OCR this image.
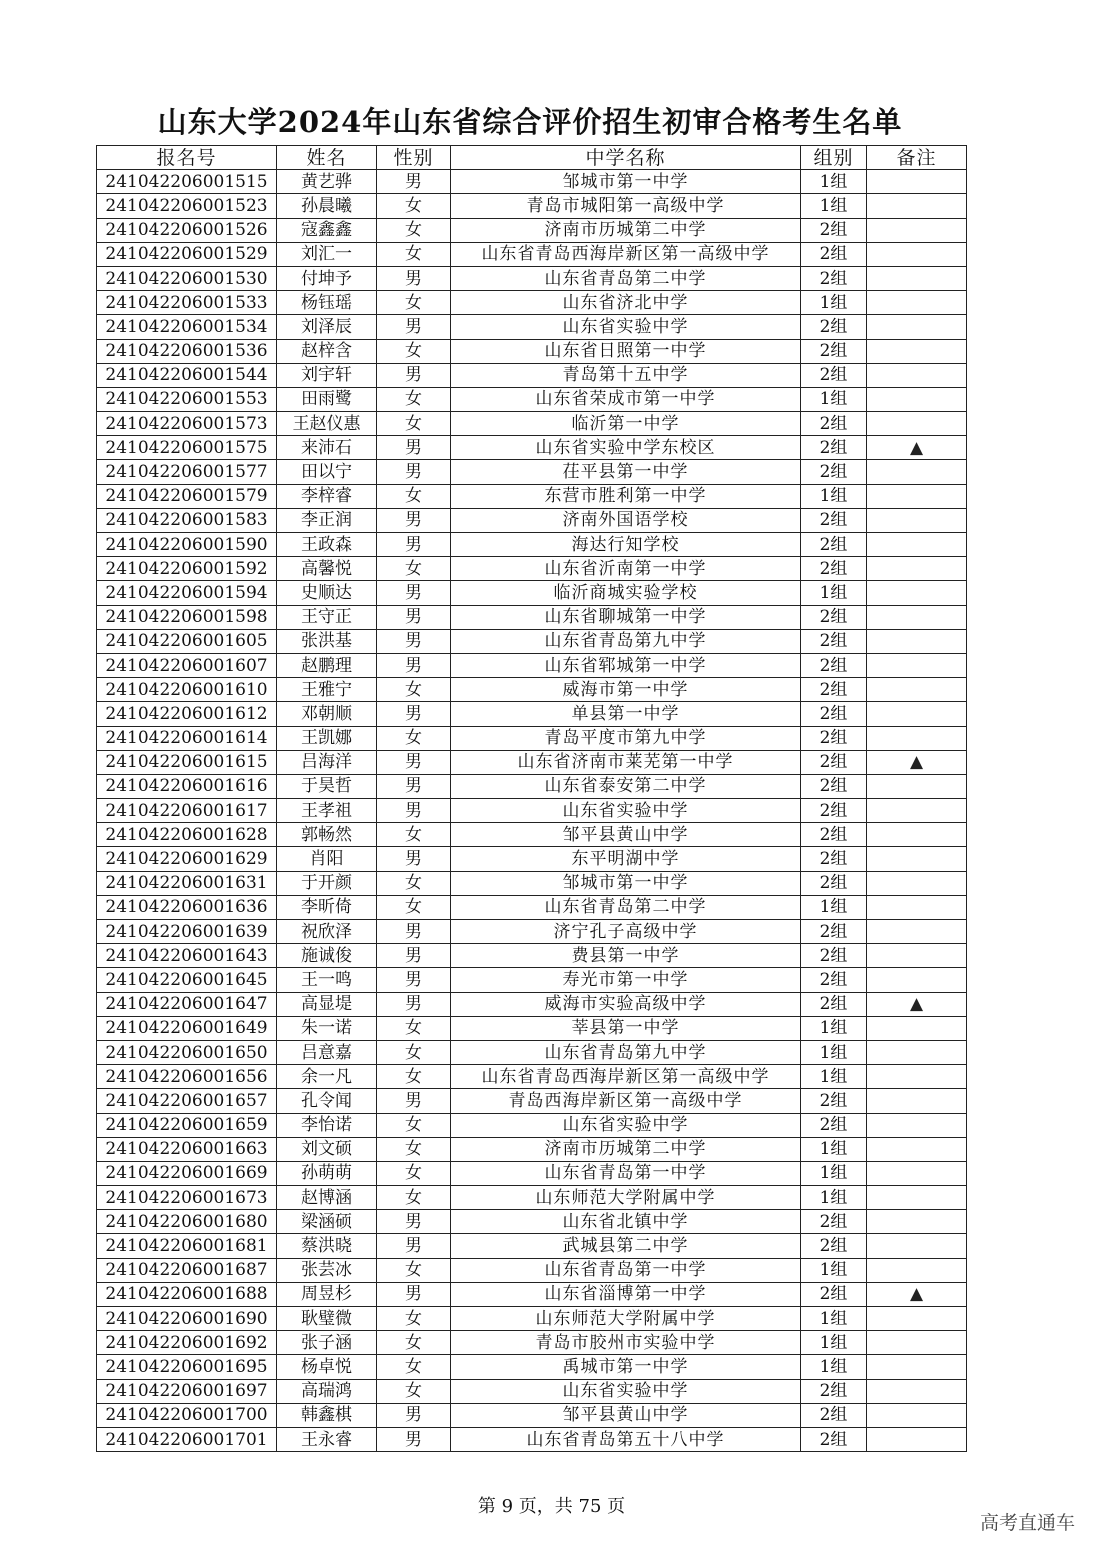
山东大学2024年山东省综合评价招生初审合格考生名单
报名号	姓名	性别	中学名称	组别	备注
241042206001515	黄艺骅	男	邹城市第一中学	1组	
241042206001523	孙晨曦	女	青岛市城阳第一高级中学	1组	
241042206001526	寇鑫鑫	女	济南市历城第二中学	2组	
241042206001529	刘汇一	女	山东省青岛西海岸新区第一高级中学	2组	
241042206001530	付坤予	男	山东省青岛第二中学	2组	
241042206001533	杨钰瑶	女	山东省济北中学	1组	
241042206001534	刘泽辰	男	山东省实验中学	2组	
241042206001536	赵梓含	女	山东省日照第一中学	2组	
241042206001544	刘宇轩	男	青岛第十五中学	2组	
241042206001553	田雨鹭	女	山东省荣成市第一中学	1组	
241042206001573	王赵仪惠	女	临沂第一中学	2组	
241042206001575	来沛石	男	山东省实验中学东校区	2组	▲
241042206001577	田以宁	男	茌平县第一中学	2组	
241042206001579	李梓睿	女	东营市胜利第一中学	1组	
241042206001583	李正润	男	济南外国语学校	2组	
241042206001590	王政森	男	海达行知学校	2组	
241042206001592	高馨悦	女	山东省沂南第一中学	2组	
241042206001594	史顺达	男	临沂商城实验学校	1组	
241042206001598	王守正	男	山东省聊城第一中学	2组	
241042206001605	张洪基	男	山东省青岛第九中学	2组	
241042206001607	赵鹏理	男	山东省郓城第一中学	2组	
241042206001610	王雅宁	女	威海市第一中学	2组	
241042206001612	邓朝顺	男	单县第一中学	2组	
241042206001614	王凯娜	女	青岛平度市第九中学	2组	
241042206001615	吕海洋	男	山东省济南市莱芜第一中学	2组	▲
241042206001616	于昊哲	男	山东省泰安第二中学	2组	
241042206001617	王孝祖	男	山东省实验中学	2组	
241042206001628	郭畅然	女	邹平县黄山中学	2组	
241042206001629	肖阳	男	东平明湖中学	2组	
241042206001631	于开颜	女	邹城市第一中学	2组	
241042206001636	李昕倚	女	山东省青岛第二中学	1组	
241042206001639	祝欣泽	男	济宁孔子高级中学	2组	
241042206001643	施诚俊	男	费县第一中学	2组	
241042206001645	王一鸣	男	寿光市第一中学	2组	
241042206001647	高显堤	男	威海市实验高级中学	2组	▲
241042206001649	朱一诺	女	莘县第一中学	1组	
241042206001650	吕意嘉	女	山东省青岛第九中学	1组	
241042206001656	余一凡	女	山东省青岛西海岸新区第一高级中学	1组	
241042206001657	孔令闻	男	青岛西海岸新区第一高级中学	2组	
241042206001659	李怡诺	女	山东省实验中学	2组	
241042206001663	刘文硕	女	济南市历城第二中学	1组	
241042206001669	孙萌萌	女	山东省青岛第一中学	1组	
241042206001673	赵博涵	女	山东师范大学附属中学	1组	
241042206001680	梁涵硕	男	山东省北镇中学	2组	
241042206001681	蔡洪晓	男	武城县第二中学	2组	
241042206001687	张芸冰	女	山东省青岛第一中学	1组	
241042206001688	周昱杉	男	山东省淄博第一中学	2组	▲
241042206001690	耿璧微	女	山东师范大学附属中学	1组	
241042206001692	张子涵	女	青岛市胶州市实验中学	1组	
241042206001695	杨卓悦	女	禹城市第一中学	1组	
241042206001697	高瑞鸿	女	山东省实验中学	2组	
241042206001700	韩鑫棋	男	邹平县黄山中学	2组	
241042206001701	王永睿	男	山东省青岛第五十八中学	2组	
第 9 页，共 75 页
高考直通车
